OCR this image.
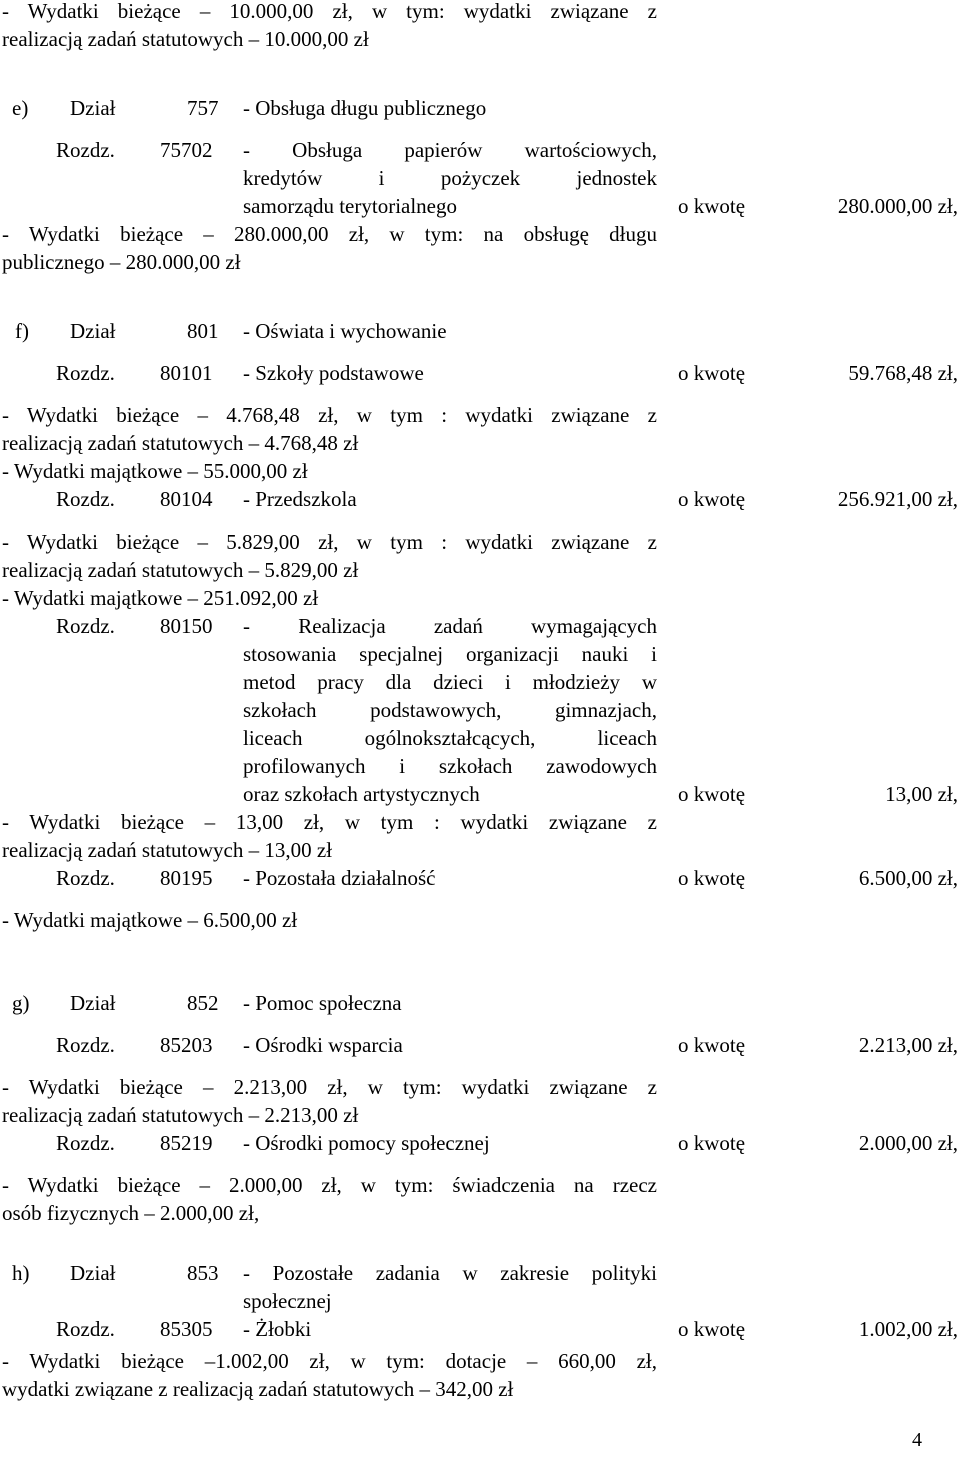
- Wydatki bieżące – 10.000,00 zł, w tym: wydatki związane z
realizacją zadań statutowych – 10.000,00 zł
e) Dział	757 - Obsługa długu publicznego
Rozdz. 75702 - Obsługa papierów wartościowych,
kredytów i pożyczek jednostek
samorządu terytorialnego	o kwotę	280.000,00 zł,
- Wydatki bieżące – 280.000,00 zł, w tym: na obsługę długu
publicznego – 280.000,00 zł
f) Dział	801 - Oświata i wychowanie
Rozdz. 80101 - Szkoły podstawowe	o kwotę	59.768,48 zł,
- Wydatki bieżące – 4.768,48 zł, w tym : wydatki związane z
realizacją zadań statutowych – 4.768,48 zł
- Wydatki majątkowe – 55.000,00 zł
Rozdz. 80104 - Przedszkola	o kwotę	256.921,00 zł,
- Wydatki bieżące – 5.829,00 zł, w tym : wydatki związane z
realizacją zadań statutowych – 5.829,00 zł
- Wydatki majątkowe – 251.092,00 zł
Rozdz. 80150 - Realizacja zadań wymagających
stosowania specjalnej organizacji nauki i
metod pracy dla dzieci i młodzieży w
szkołach podstawowych, gimnazjach,
liceach ogólnokształcących, liceach
profilowanych i szkołach zawodowych
oraz szkołach artystycznych	o kwotę	13,00 zł,
- Wydatki bieżące – 13,00 zł, w tym : wydatki związane z
realizacją zadań statutowych – 13,00 zł
Rozdz. 80195 - Pozostała działalność	o kwotę	6.500,00 zł,
- Wydatki majątkowe – 6.500,00 zł
g) Dział	852 - Pomoc społeczna
Rozdz. 85203 - Ośrodki wsparcia	o kwotę	2.213,00 zł,
- Wydatki bieżące – 2.213,00 zł, w tym: wydatki związane z
realizacją zadań statutowych – 2.213,00 zł
Rozdz. 85219 - Ośrodki pomocy społecznej	o kwotę	2.000,00 zł,
- Wydatki bieżące – 2.000,00 zł, w tym: świadczenia na rzecz
osób fizycznych – 2.000,00 zł,
h) Dział	853 - Pozostałe zadania w zakresie polityki
społecznej
Rozdz. 85305 - Żłobki	o kwotę	1.002,00 zł,
- Wydatki bieżące –1.002,00 zł, w tym: dotacje – 660,00 zł,
wydatki związane z realizacją zadań statutowych – 342,00 zł
4
